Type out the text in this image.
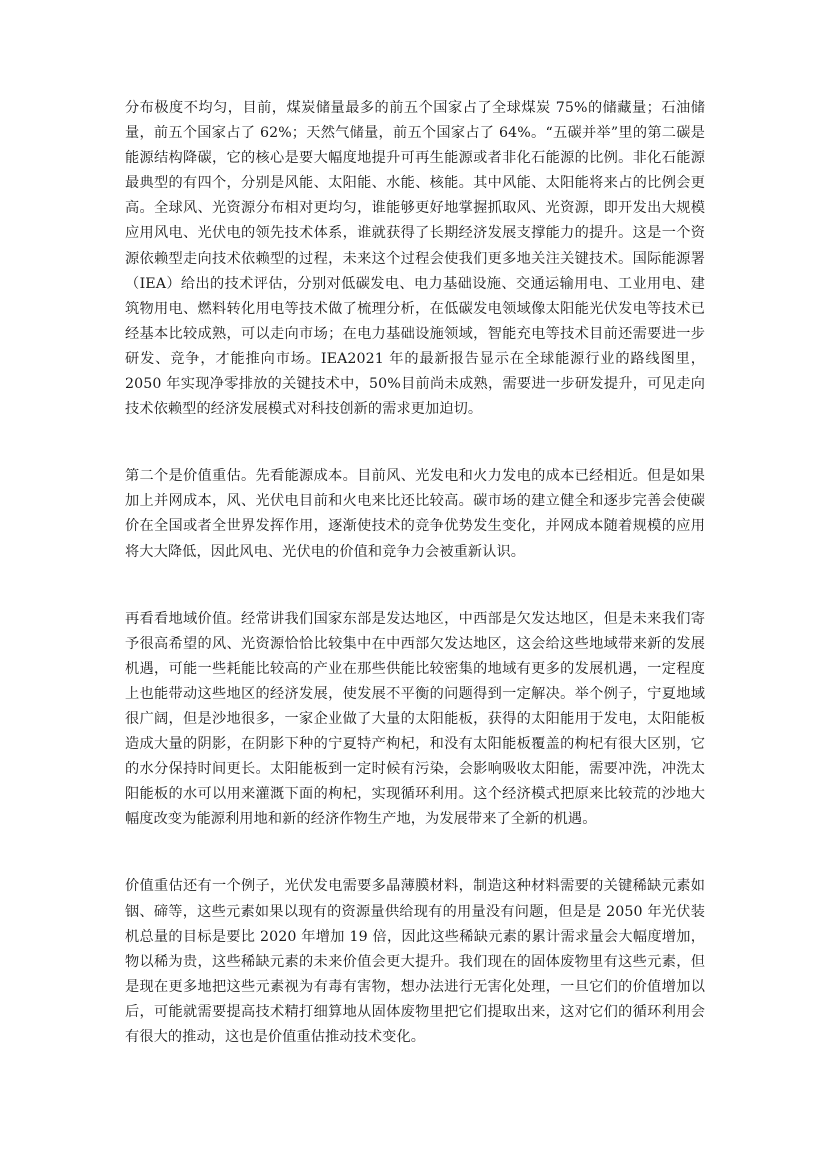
分布极度不均匀，目前，煤炭储量最多的前五个国家占了全球煤炭 75%的储藏量；石油储量，前五个国家占了 62%；天然气储量，前五个国家占了 64%。“五碳并举”里的第二碳是能源结构降碳，它的核心是要大幅度地提升可再生能源或者非化石能源的比例。非化石能源最典型的有四个，分别是风能、太阳能、水能、核能。其中风能、太阳能将来占的比例会更高。全球风、光资源分布相对更均匀，谁能够更好地掌握抓取风、光资源，即开发出大规模应用风电、光伏电的领先技术体系，谁就获得了长期经济发展支撑能力的提升。这是一个资源依赖型走向技术依赖型的过程，未来这个过程会使我们更多地关注关键技术。国际能源署（IEA）给出的技术评估，分别对低碳发电、电力基础设施、交通运输用电、工业用电、建筑物用电、燃料转化用电等技术做了梳理分析，在低碳发电领域像太阳能光伏发电等技术已经基本比较成熟，可以走向市场；在电力基础设施领域，智能充电等技术目前还需要进一步研发、竞争，才能推向市场。IEA2021 年的最新报告显示在全球能源行业的路线图里，2050 年实现净零排放的关键技术中，50%目前尚未成熟，需要进一步研发提升，可见走向技术依赖型的经济发展模式对科技创新的需求更加迫切。

第二个是价值重估。先看能源成本。目前风、光发电和火力发电的成本已经相近。但是如果加上并网成本，风、光伏电目前和火电来比还比较高。碳市场的建立健全和逐步完善会使碳价在全国或者全世界发挥作用，逐渐使技术的竞争优势发生变化，并网成本随着规模的应用将大大降低，因此风电、光伏电的价值和竞争力会被重新认识。

再看看地域价值。经常讲我们国家东部是发达地区，中西部是欠发达地区，但是未来我们寄予很高希望的风、光资源恰恰比较集中在中西部欠发达地区，这会给这些地域带来新的发展机遇，可能一些耗能比较高的产业在那些供能比较密集的地域有更多的发展机遇，一定程度上也能带动这些地区的经济发展，使发展不平衡的问题得到一定解决。举个例子，宁夏地域很广阔，但是沙地很多，一家企业做了大量的太阳能板，获得的太阳能用于发电，太阳能板造成大量的阴影，在阴影下种的宁夏特产枸杞，和没有太阳能板覆盖的枸杞有很大区别，它的水分保持时间更长。太阳能板到一定时候有污染，会影响吸收太阳能，需要冲洗，冲洗太阳能板的水可以用来灌溉下面的枸杞，实现循环利用。这个经济模式把原来比较荒的沙地大幅度改变为能源利用地和新的经济作物生产地，为发展带来了全新的机遇。

价值重估还有一个例子，光伏发电需要多晶薄膜材料，制造这种材料需要的关键稀缺元素如铟、碲等，这些元素如果以现有的资源量供给现有的用量没有问题，但是是 2050 年光伏装机总量的目标是要比 2020 年增加 19 倍，因此这些稀缺元素的累计需求量会大幅度增加，物以稀为贵，这些稀缺元素的未来价值会更大提升。我们现在的固体废物里有这些元素，但是现在更多地把这些元素视为有毒有害物，想办法进行无害化处理，一旦它们的价值增加以后，可能就需要提高技术精打细算地从固体废物里把它们提取出来，这对它们的循环利用会有很大的推动，这也是价值重估推动技术变化。
